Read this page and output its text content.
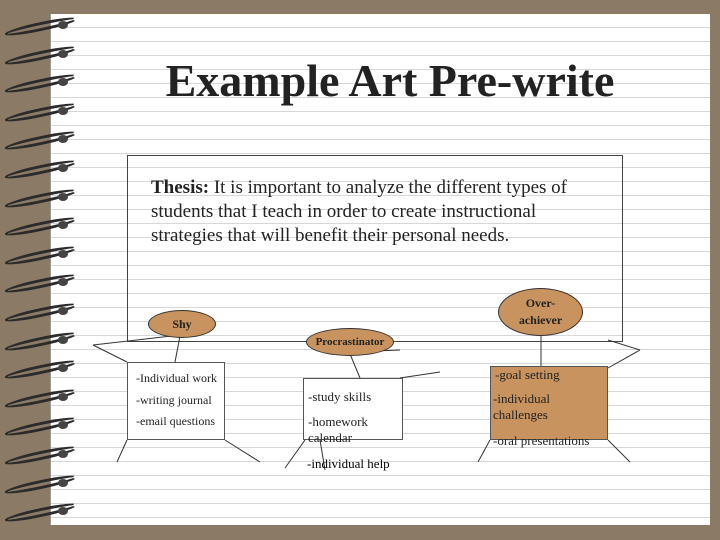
Example Art Pre-write
Thesis: It is important to analyze the different types of students that I teach in order to create instructional strategies that will benefit their personal needs.
Shy
-Individual work
-writing journal
-email questions
Procrastinator
-study skills
-homework calendar
-individual help
Over-achiever
-goal setting
-individual challenges
-oral presentations
